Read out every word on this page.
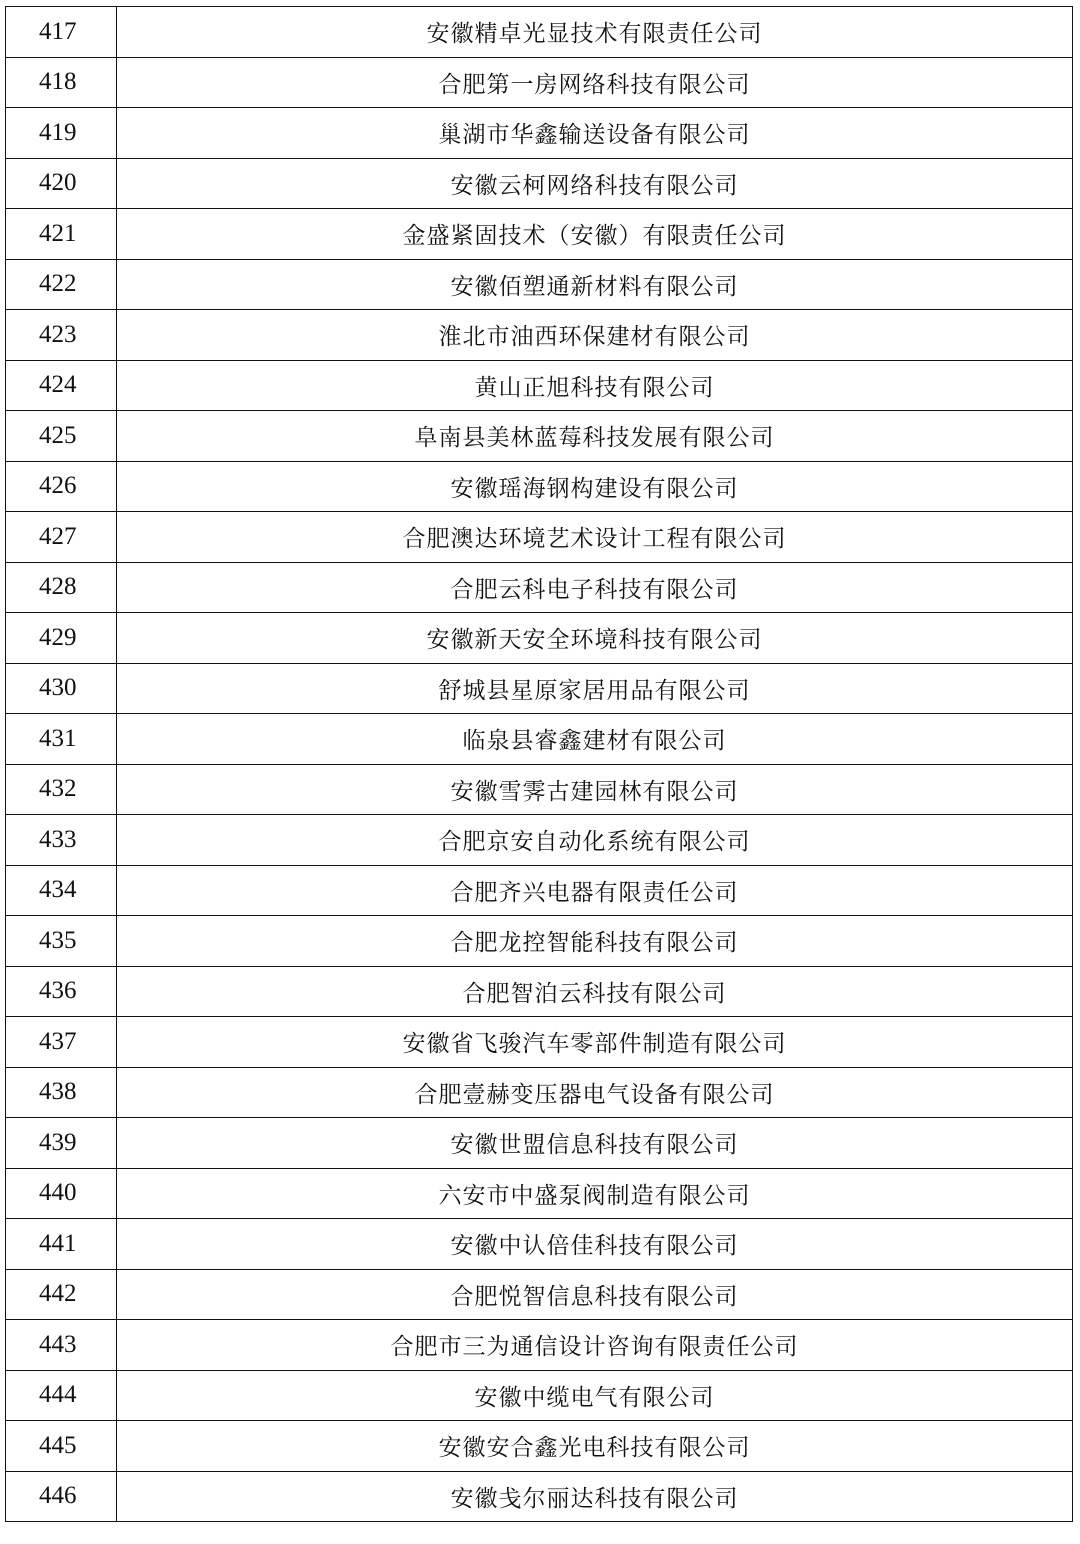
417	安徽精卓光显技术有限责任公司
418	合肥第一房网络科技有限公司
419	巢湖市华鑫输送设备有限公司
420	安徽云柯网络科技有限公司
421	金盛紧固技术（安徽）有限责任公司
422	安徽佰塑通新材料有限公司
423	淮北市油西环保建材有限公司
424	黄山正旭科技有限公司
425	阜南县美林蓝莓科技发展有限公司
426	安徽瑶海钢构建设有限公司
427	合肥澳达环境艺术设计工程有限公司
428	合肥云科电子科技有限公司
429	安徽新天安全环境科技有限公司
430	舒城县星原家居用品有限公司
431	临泉县睿鑫建材有限公司
432	安徽雪霁古建园林有限公司
433	合肥京安自动化系统有限公司
434	合肥齐兴电器有限责任公司
435	合肥龙控智能科技有限公司
436	合肥智泊云科技有限公司
437	安徽省飞骏汽车零部件制造有限公司
438	合肥壹赫变压器电气设备有限公司
439	安徽世盟信息科技有限公司
440	六安市中盛泵阀制造有限公司
441	安徽中认倍佳科技有限公司
442	合肥悦智信息科技有限公司
443	合肥市三为通信设计咨询有限责任公司
444	安徽中缆电气有限公司
445	安徽安合鑫光电科技有限公司
446	安徽戋尔丽达科技有限公司
